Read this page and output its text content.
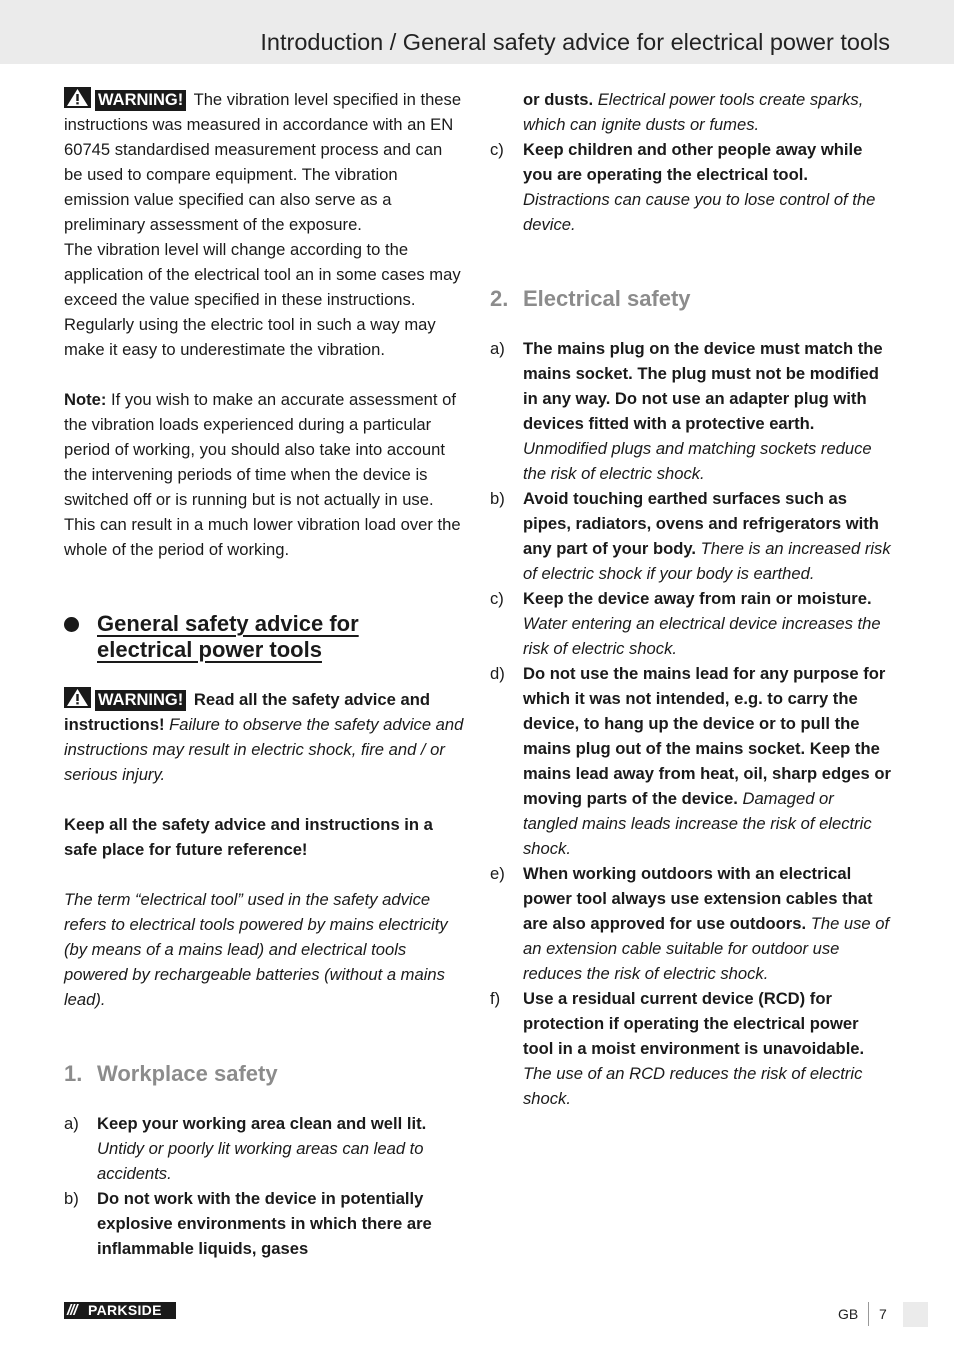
Introduction / General safety advice for electrical power tools

WARNING! The vibration level specified in these instructions was measured in accordance with an EN 60745 standardised measurement process and can be used to compare equipment. The vibration emission value specified can also serve as a preliminary assessment of the exposure.

The vibration level will change according to the application of the electrical tool an in some cases may exceed the value specified in these instructions. Regularly using the electric tool in such a way may make it easy to underestimate the vibration.

Note: If you wish to make an accurate assessment of the vibration loads experienced during a particular period of working, you should also take into account the intervening periods of time when the device is switched off or is running but is not actually in use. This can result in a much lower vibration load over the whole of the period of working.

General safety advice for
electrical power tools

WARNING! Read all the safety advice and instructions! Failure to observe the safety advice and instructions may result in electric shock, fire and / or serious injury.

Keep all the safety advice and instructions in a safe place for future reference!

The term “electrical tool” used in the safety advice refers to electrical tools powered by mains electricity (by means of a mains lead) and electrical tools powered by rechargeable batteries (without a mains lead).

1. Workplace safety
a) Keep your working area clean and well lit. Untidy or poorly lit working areas can lead to accidents.
b) Do not work with the device in potentially explosive environments in which there are inflammable liquids, gases
or dusts. Electrical power tools create sparks, which can ignite dusts or fumes.
c) Keep children and other people away while you are operating the electrical tool. Distractions can cause you to lose control of the device.
2. Electrical safety
a) The mains plug on the device must match the mains socket. The plug must not be modified in any way. Do not use an adapter plug with devices fitted with a protective earth. Unmodified plugs and matching sockets reduce the risk of electric shock.
b) Avoid touching earthed surfaces such as pipes, radiators, ovens and refrigerators with any part of your body. There is an increased risk of electric shock if your body is earthed.
c) Keep the device away from rain or moisture. Water entering an electrical device increases the risk of electric shock.
d) Do not use the mains lead for any purpose for which it was not intended, e.g. to carry the device, to hang up the device or to pull the mains plug out of the mains socket. Keep the mains lead away from heat, oil, sharp edges or moving parts of the device. Damaged or tangled mains leads increase the risk of electric shock.
e) When working outdoors with an electrical power tool always use extension cables that are also approved for use outdoors. The use of an extension cable suitable for outdoor use reduces the risk of electric shock.
f) Use a residual current device (RCD) for protection if operating the electrical power tool in a moist environment is unavoidable. The use of an RCD reduces the risk of electric shock.
/// PARKSIDE	GB 7
